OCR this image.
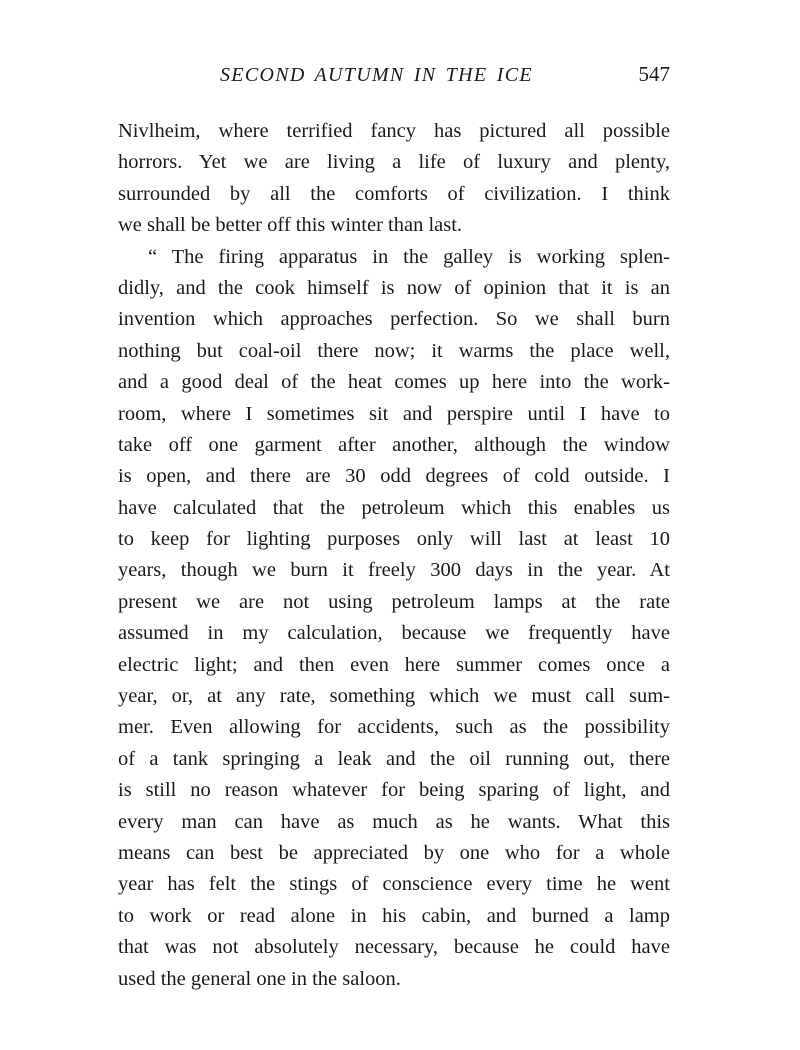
SECOND AUTUMN IN THE ICE	547
Nivlheim, where terrified fancy has pictured all possible
horrors. Yet we are living a life of luxury and plenty,
surrounded by all the comforts of civilization. I think
we shall be better off this winter than last.
“ The firing apparatus in the galley is working splen-
didly, and the cook himself is now of opinion that it is an
invention which approaches perfection. So we shall burn
nothing but coal-oil there now; it warms the place well,
and a good deal of the heat comes up here into the work-
room, where I sometimes sit and perspire until I have to
take off one garment after another, although the window
is open, and there are 30 odd degrees of cold outside. I
have calculated that the petroleum which this enables us
to keep for lighting purposes only will last at least 10
years, though we burn it freely 300 days in the year. At
present we are not using petroleum lamps at the rate
assumed in my calculation, because we frequently have
electric light; and then even here summer comes once a
year, or, at any rate, something which we must call sum-
mer. Even allowing for accidents, such as the possibility
of a tank springing a leak and the oil running out, there
is still no reason whatever for being sparing of light, and
every man can have as much as he wants. What this
means can best be appreciated by one who for a whole
year has felt the stings of conscience every time he went
to work or read alone in his cabin, and burned a lamp
that was not absolutely necessary, because he could have
used the general one in the saloon.
